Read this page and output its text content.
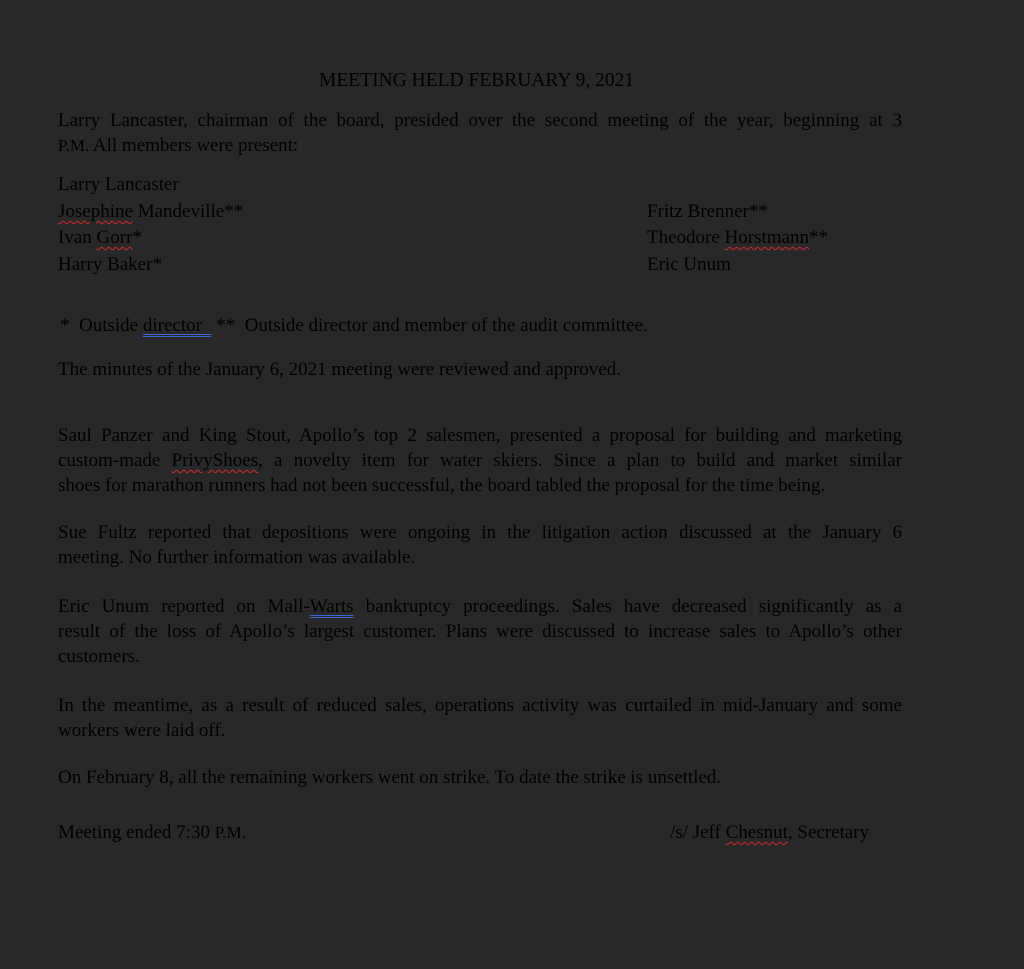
MEETING HELD FEBRUARY 9, 2021
Larry Lancaster, chairman of the board, presided over the second meeting of the year, beginning at 3
P.M. All members were present:
Larry Lancaster
Josephine Mandeville**
Ivan Gorr*
Harry Baker*
Fritz Brenner**
Theodore Horstmann**
Eric Unum
* Outside director ** Outside director and member of the audit committee.
The minutes of the January 6, 2021 meeting were reviewed and approved.
Saul Panzer and King Stout, Apollo’s top 2 salesmen, presented a proposal for building and marketing
custom-made PrivyShoes, a novelty item for water skiers. Since a plan to build and market similar
shoes for marathon runners had not been successful, the board tabled the proposal for the time being.
Sue Fultz reported that depositions were ongoing in the litigation action discussed at the January 6
meeting. No further information was available.
Eric Unum reported on Mall-Warts bankruptcy proceedings. Sales have decreased significantly as a
result of the loss of Apollo’s largest customer. Plans were discussed to increase sales to Apollo’s other
customers.
In the meantime, as a result of reduced sales, operations activity was curtailed in mid-January and some
workers were laid off.
On February 8, all the remaining workers went on strike. To date the strike is unsettled.
Meeting ended 7:30 P.M.	/s/ Jeff Chesnut, Secretary
